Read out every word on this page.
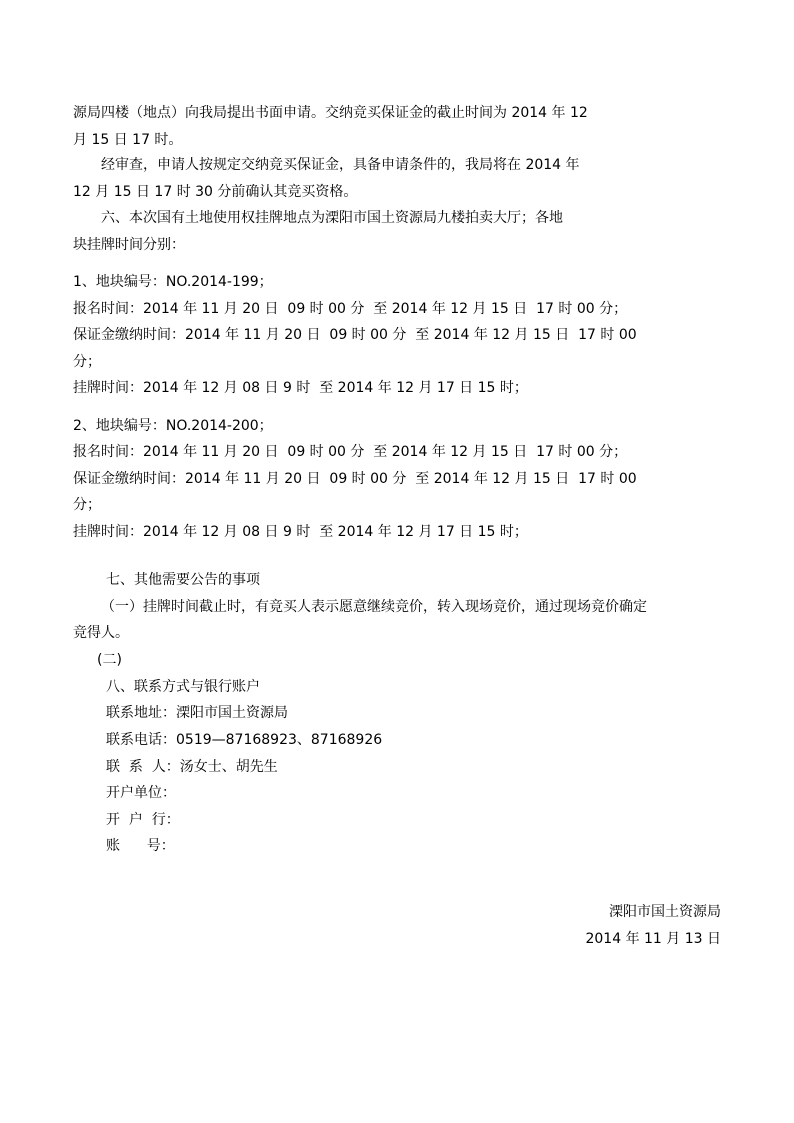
源局四楼（地点）向我局提出书面申请。交纳竞买保证金的截止时间为 2014 年 12
月 15 日 17 时。
经审查，申请人按规定交纳竞买保证金，具备申请条件的，我局将在 2014 年
12 月 15 日 17 时 30 分前确认其竞买资格。
六、本次国有土地使用权挂牌地点为溧阳市国土资源局九楼拍卖大厅；各地
块挂牌时间分别：
1、地块编号：NO.2014-199；
报名时间：2014 年 11 月 20 日  09 时 00 分  至 2014 年 12 月 15 日  17 时 00 分；
保证金缴纳时间：2014 年 11 月 20 日  09 时 00 分  至 2014 年 12 月 15 日  17 时 00
分；
挂牌时间：2014 年 12 月 08 日 9 时  至 2014 年 12 月 17 日 15 时；
2、地块编号：NO.2014-200；
报名时间：2014 年 11 月 20 日  09 时 00 分  至 2014 年 12 月 15 日  17 时 00 分；
保证金缴纳时间：2014 年 11 月 20 日  09 时 00 分  至 2014 年 12 月 15 日  17 时 00
分；
挂牌时间：2014 年 12 月 08 日 9 时  至 2014 年 12 月 17 日 15 时；
七、其他需要公告的事项
（一）挂牌时间截止时，有竞买人表示愿意继续竞价，转入现场竞价，通过现场竞价确定
竞得人。
(二)
八、联系方式与银行账户
联系地址：溧阳市国土资源局
联系电话：0519—87168923、87168926
联  系  人：汤女士、胡先生
开户单位：
开  户  行：
账      号：
溧阳市国土资源局
2014 年 11 月 13 日
